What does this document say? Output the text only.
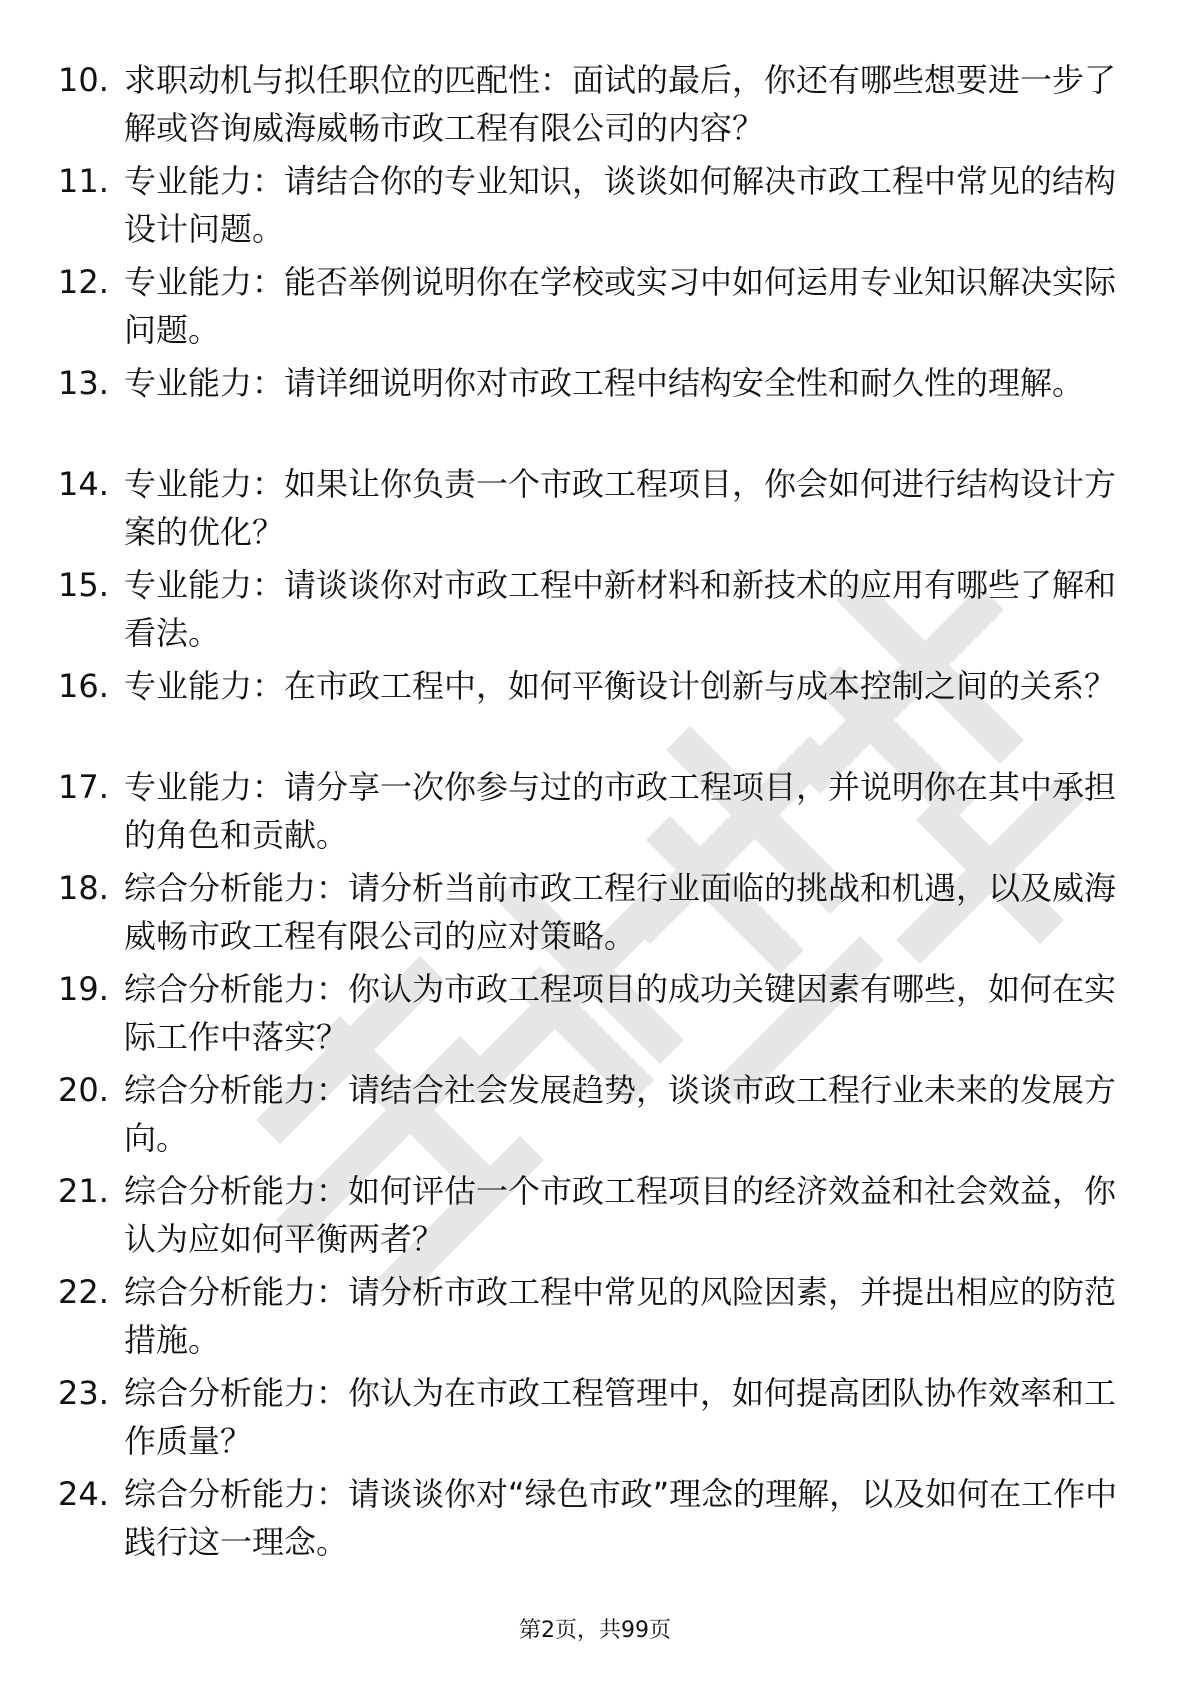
10. 求职动机与拟任职位的匹配性：面试的最后，你还有哪些想要进一步了解或咨询威海威畅市政工程有限公司的内容？
11. 专业能力：请结合你的专业知识，谈谈如何解决市政工程中常见的结构设计问题。
12. 专业能力：能否举例说明你在学校或实习中如何运用专业知识解决实际问题。
13. 专业能力：请详细说明你对市政工程中结构安全性和耐久性的理解。
14. 专业能力：如果让你负责一个市政工程项目，你会如何进行结构设计方案的优化？
15. 专业能力：请谈谈你对市政工程中新材料和新技术的应用有哪些了解和看法。
16. 专业能力：在市政工程中，如何平衡设计创新与成本控制之间的关系？
17. 专业能力：请分享一次你参与过的市政工程项目，并说明你在其中承担的角色和贡献。
18. 综合分析能力：请分析当前市政工程行业面临的挑战和机遇，以及威海威畅市政工程有限公司的应对策略。
19. 综合分析能力：你认为市政工程项目的成功关键因素有哪些，如何在实际工作中落实？
20. 综合分析能力：请结合社会发展趋势，谈谈市政工程行业未来的发展方向。
21. 综合分析能力：如何评估一个市政工程项目的经济效益和社会效益，你认为应如何平衡两者？
22. 综合分析能力：请分析市政工程中常见的风险因素，并提出相应的防范措施。
23. 综合分析能力：你认为在市政工程管理中，如何提高团队协作效率和工作质量？
24. 综合分析能力：请谈谈你对“绿色市政”理念的理解，以及如何在工作中践行这一理念。
第2页，共99页
